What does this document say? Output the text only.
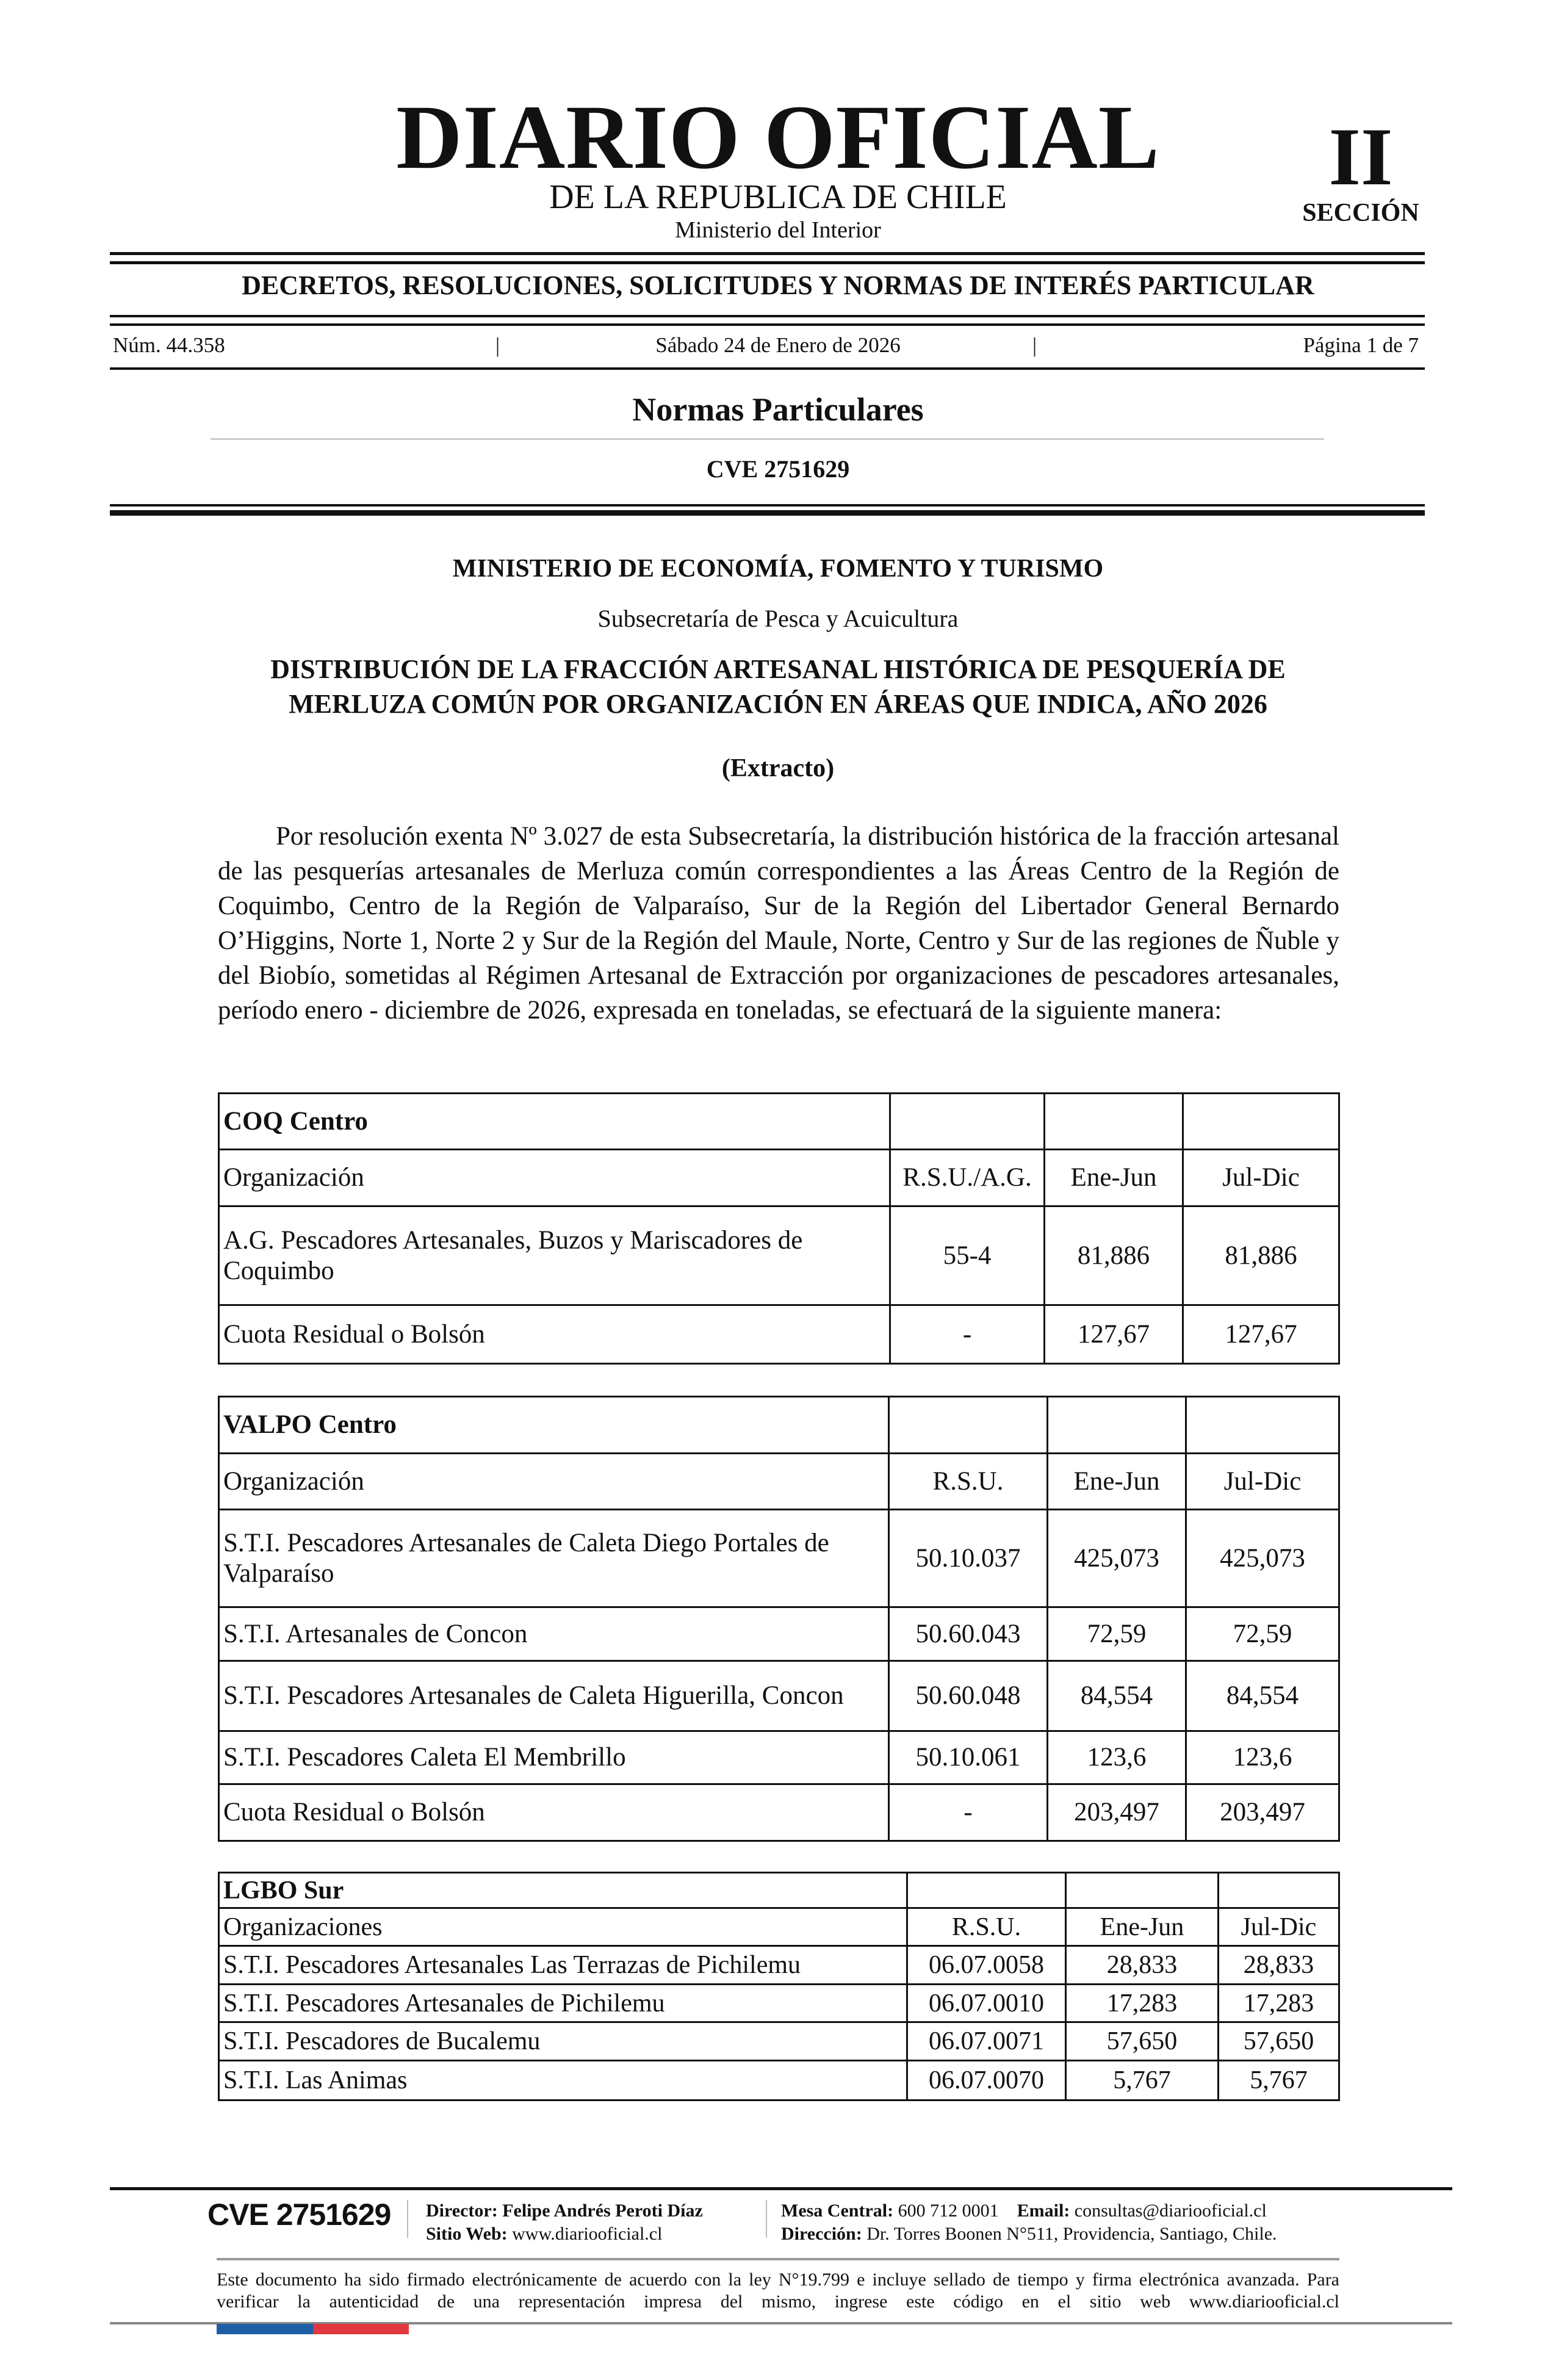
DIARIO OFICIAL
DE LA REPUBLICA DE CHILE
Ministerio del Interior
II
SECCIÓN
DECRETOS, RESOLUCIONES, SOLICITUDES Y NORMAS DE INTERÉS PARTICULAR
Núm. 44.358	|	Sábado 24 de Enero de 2026	|	Página 1 de 7
Normas Particulares
CVE 2751629
MINISTERIO DE ECONOMÍA, FOMENTO Y TURISMO
Subsecretaría de Pesca y Acuicultura
DISTRIBUCIÓN DE LA FRACCIÓN ARTESANAL HISTÓRICA DE PESQUERÍA DE
MERLUZA COMÚN POR ORGANIZACIÓN EN ÁREAS QUE INDICA, AÑO 2026
(Extracto)
Por resolución exenta Nº 3.027 de esta Subsecretaría, la distribución histórica de la fracción artesanal de las pesquerías artesanales de Merluza común correspondientes a las Áreas Centro de la Región de Coquimbo, Centro de la Región de Valparaíso, Sur de la Región del Libertador General Bernardo O’Higgins, Norte 1, Norte 2 y Sur de la Región del Maule, Norte, Centro y Sur de las regiones de Ñuble y del Biobío, sometidas al Régimen Artesanal de Extracción por organizaciones de pescadores artesanales, período enero - diciembre de 2026, expresada en toneladas, se efectuará de la siguiente manera:
COQ Centro			
Organización	R.S.U./A.G.	Ene-Jun	Jul-Dic
A.G. Pescadores Artesanales, Buzos y Mariscadores de Coquimbo	55-4	81,886	81,886
Cuota Residual o Bolsón	-	127,67	127,67
VALPO Centro			
Organización	R.S.U.	Ene-Jun	Jul-Dic
S.T.I. Pescadores Artesanales de Caleta Diego Portales de Valparaíso	50.10.037	425,073	425,073
S.T.I. Artesanales de Concon	50.60.043	72,59	72,59
S.T.I. Pescadores Artesanales de Caleta Higuerilla, Concon	50.60.048	84,554	84,554
S.T.I. Pescadores Caleta El Membrillo	50.10.061	123,6	123,6
Cuota Residual o Bolsón	-	203,497	203,497
LGBO Sur			
Organizaciones	R.S.U.	Ene-Jun	Jul-Dic
S.T.I. Pescadores Artesanales Las Terrazas de Pichilemu	06.07.0058	28,833	28,833
S.T.I. Pescadores Artesanales de Pichilemu	06.07.0010	17,283	17,283
S.T.I. Pescadores de Bucalemu	06.07.0071	57,650	57,650
S.T.I. Las Animas	06.07.0070	5,767	5,767
CVE 2751629 Director: Felipe Andrés Peroti Díaz
Sitio Web: www.diariooficial.cl
Mesa Central: 600 712 0001 Email: consultas@diariooficial.cl
Dirección: Dr. Torres Boonen N°511, Providencia, Santiago, Chile.
Este documento ha sido firmado electrónicamente de acuerdo con la ley N°19.799 e incluye sellado de tiempo y firma electrónica avanzada. Para verificar la autenticidad de una representación impresa del mismo, ingrese este código en el sitio web www.diariooficial.cl
